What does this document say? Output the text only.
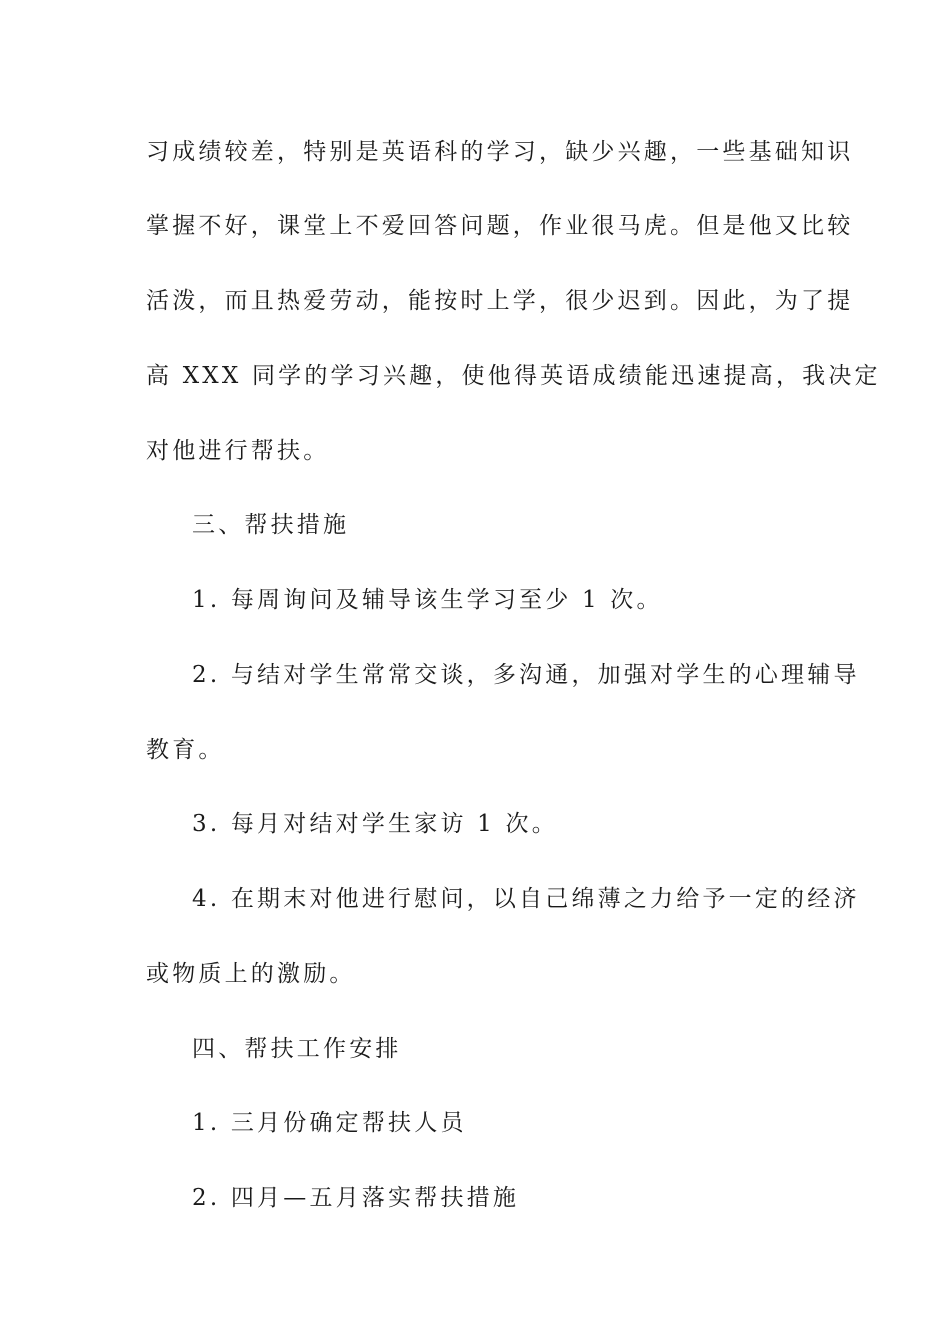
习成绩较差，特别是英语科的学习，缺少兴趣，一些基础知识
掌握不好，课堂上不爱回答问题，作业很马虎。但是他又比较
活泼，而且热爱劳动，能按时上学，很少迟到。因此，为了提
高 XXX 同学的学习兴趣，使他得英语成绩能迅速提高，我决定
对他进行帮扶。
三、帮扶措施
1. 每周询问及辅导该生学习至少 1 次。
2. 与结对学生常常交谈，多沟通，加强对学生的心理辅导
教育。
3. 每月对结对学生家访 1 次。
4. 在期末对他进行慰问，以自己绵薄之力给予一定的经济
或物质上的激励。
四、帮扶工作安排
1. 三月份确定帮扶人员
2. 四月—五月落实帮扶措施
